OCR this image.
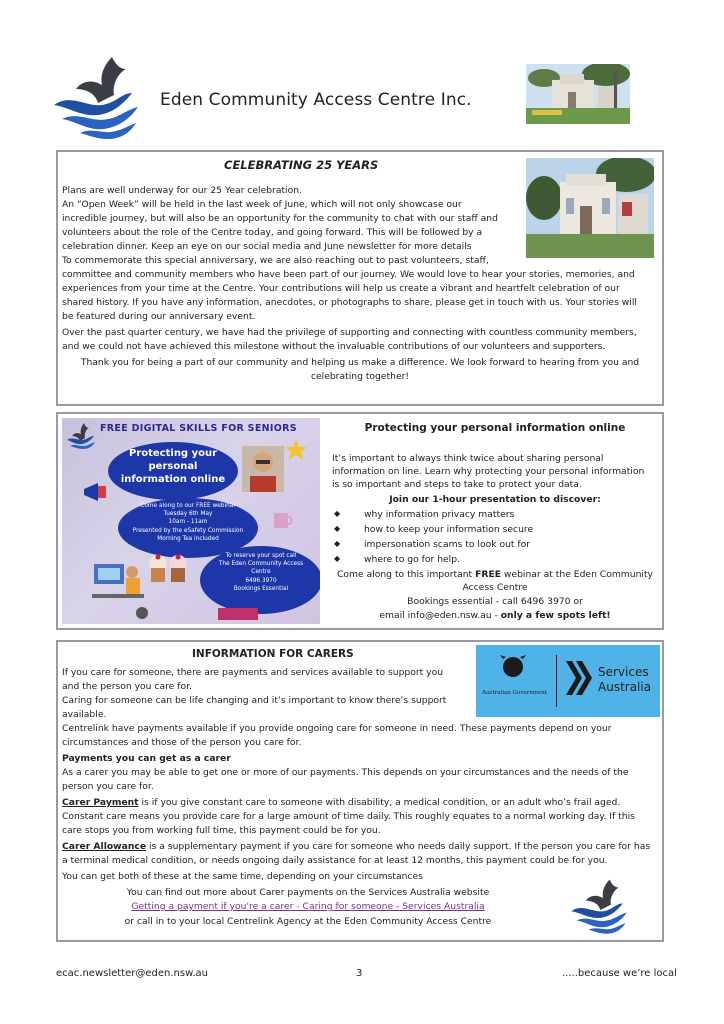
Eden Community Access Centre Inc.
CELEBRATING 25 YEARS
Plans are well underway for our 25 Year celebration.
An “Open Week” will be held in the last week of June, which will not only showcase our
incredible journey, but will also be an opportunity for the community to chat with our staff and
volunteers about the role of the Centre today, and going forward. This will be followed by a
celebration dinner. Keep an eye on our social media and June newsletter for more details
To commemorate this special anniversary, we are also reaching out to past volunteers, staff,
committee and community members who have been part of our journey. We would love to hear your stories, memories, and
experiences from your time at the Centre. Your contributions will help us create a vibrant and heartfelt celebration of our
shared history. If you have any information, anecdotes, or photographs to share, please get in touch with us. Your stories will
be featured during our anniversary event.
Over the past quarter century, we have had the privilege of supporting and connecting with countless community members,
and we could not have achieved this milestone without the invaluable contributions of our volunteers and supporters.
Thank you for being a part of our community and helping us make a difference. We look forward to hearing from you and
celebrating together!
FREE DIGITAL SKILLS FOR SENIORS
Protecting your
personal
information online
Come along to our FREE webinar
Tuesday 6th May
10am - 11am
Presented by the eSafety Commission
Morning Tea included
To reserve your spot call
The Eden Community Access
Centre
6496 3970
Bookings Essential
Protecting your personal information online
It’s important to always think twice about sharing personal
information on line. Learn why protecting your personal information
is so important and steps to take to protect your data.
Join our 1-hour presentation to discover:
◆	why information privacy matters
◆	how to keep your information secure
◆	impersonation scams to look out for
◆	where to go for help.
Come along to this important FREE webinar at the Eden Community
Access Centre
Bookings essential - call 6496 3970 or
email info@eden.nsw.au - only a few spots left!
INFORMATION FOR CARERS
Australian Government
Services
Australia
If you care for someone, there are payments and services available to support you
and the person you care for.
Caring for someone can be life changing and it’s important to know there’s support
available.
Centrelink have payments available if you provide ongoing care for someone in need. These payments depend on your
circumstances and those of the person you care for.
Payments you can get as a carer
As a carer you may be able to get one or more of our payments. This depends on your circumstances and the needs of the
person you care for.
Carer Payment is if you give constant care to someone with disability, a medical condition, or an adult who’s frail aged.
Constant care means you provide care for a large amount of time daily. This roughly equates to a normal working day. If this
care stops you from working full time, this payment could be for you.
Carer Allowance is a supplementary payment if you care for someone who needs daily support. If the person you care for has
a terminal medical condition, or needs ongoing daily assistance for at least 12 months, this payment could be for you.
You can get both of these at the same time, depending on your circumstances
You can find out more about Carer payments on the Services Australia website
Getting a payment if you're a carer - Caring for someone - Services Australia
or call in to your local Centrelink Agency at the Eden Community Access Centre
ecac.newsletter@eden.nsw.au	3	.....because we’re local
